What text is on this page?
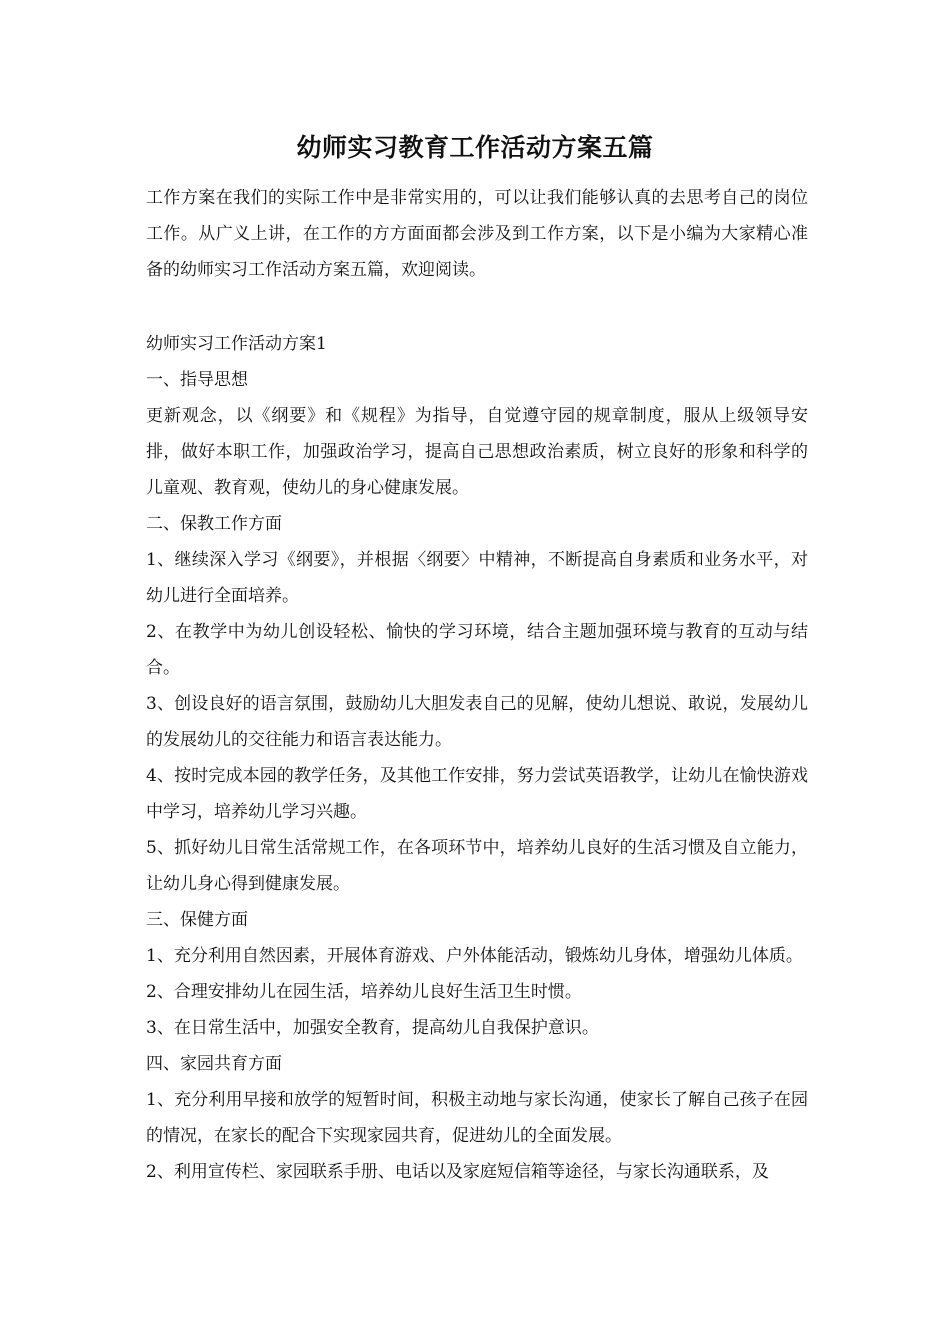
幼师实习教育工作活动方案五篇

工作方案在我们的实际工作中是非常实用的，可以让我们能够认真的去思考自己的岗位工作。从广义上讲，在工作的方方面面都会涉及到工作方案，以下是小编为大家精心准备的幼师实习工作活动方案五篇，欢迎阅读。

幼师实习工作活动方案1

一、指导思想

更新观念，以《纲要》和《规程》为指导，自觉遵守园的规章制度，服从上级领导安排，做好本职工作，加强政治学习，提高自己思想政治素质，树立良好的形象和科学的儿童观、教育观，使幼儿的身心健康发展。

二、保教工作方面

1、继续深入学习《纲要》，并根据〈纲要〉中精神，不断提高自身素质和业务水平，对幼儿进行全面培养。

2、在教学中为幼儿创设轻松、愉快的学习环境，结合主题加强环境与教育的互动与结合。

3、创设良好的语言氛围，鼓励幼儿大胆发表自己的见解，使幼儿想说、敢说，发展幼儿的发展幼儿的交往能力和语言表达能力。

4、按时完成本园的教学任务，及其他工作安排，努力尝试英语教学，让幼儿在愉快游戏中学习，培养幼儿学习兴趣。

5、抓好幼儿日常生活常规工作，在各项环节中，培养幼儿良好的生活习惯及自立能力，让幼儿身心得到健康发展。

三、保健方面

1、充分利用自然因素，开展体育游戏、户外体能活动，锻炼幼儿身体，增强幼儿体质。

2、合理安排幼儿在园生活，培养幼儿良好生活卫生时惯。

3、在日常生活中，加强安全教育，提高幼儿自我保护意识。

四、家园共育方面

1、充分利用早接和放学的短暂时间，积极主动地与家长沟通，使家长了解自己孩子在园的情况，在家长的配合下实现家园共育，促进幼儿的全面发展。

2、利用宣传栏、家园联系手册、电话以及家庭短信箱等途径，与家长沟通联系，及
